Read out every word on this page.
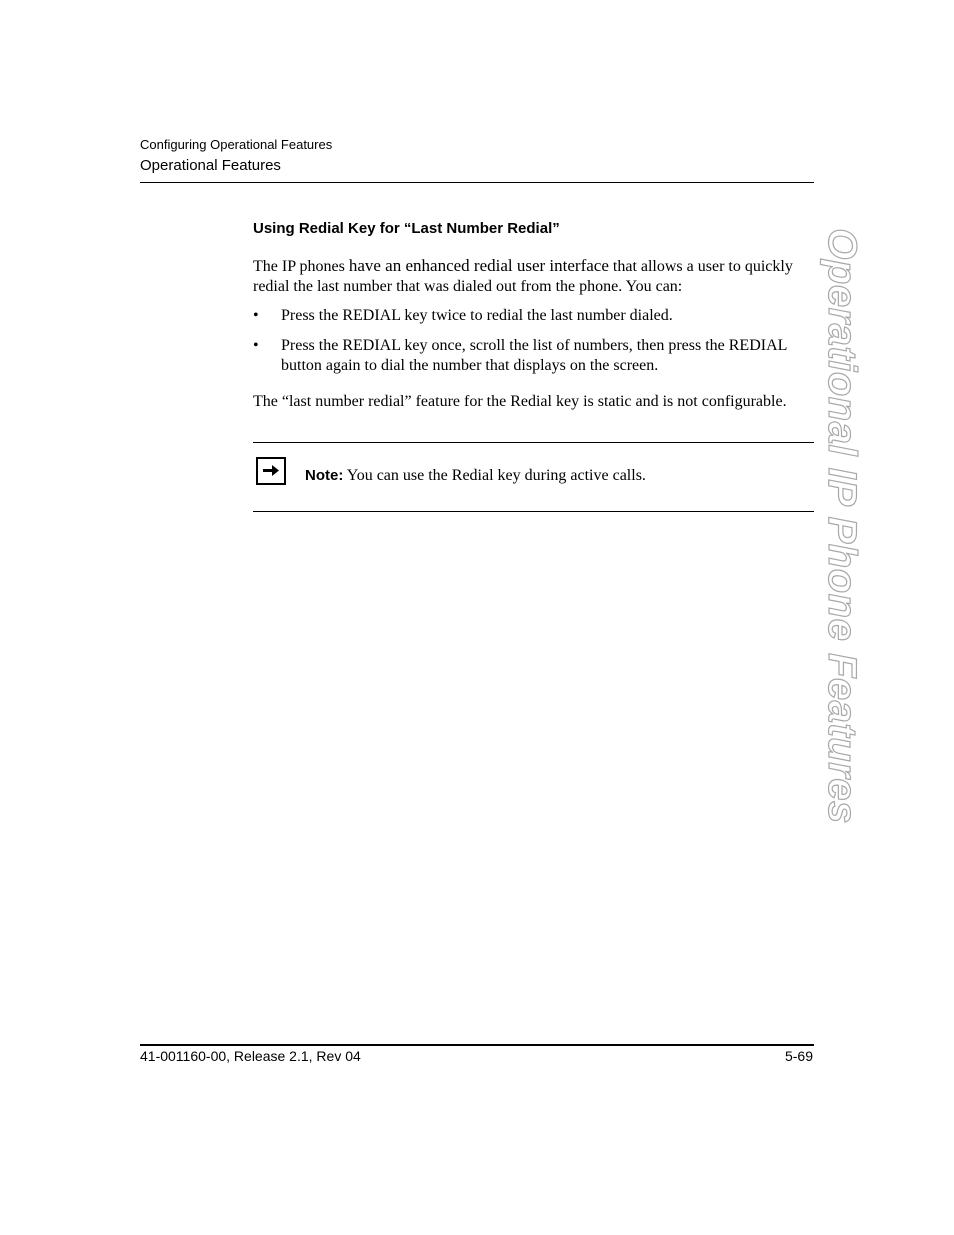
Configuring Operational Features
Operational Features
Using Redial Key for “Last Number Redial”
The IP phones have an enhanced redial user interface that allows a user to quickly redial the last number that was dialed out from the phone. You can:
•	Press the REDIAL key twice to redial the last number dialed.
•	Press the REDIAL key once, scroll the list of numbers, then press the REDIAL button again to dial the number that displays on the screen.
The “last number redial” feature for the Redial key is static and is not configurable.
Note: You can use the Redial key during active calls.	Operational IP Phone Features
41-001160-00, Release 2.1, Rev 04	5-69
